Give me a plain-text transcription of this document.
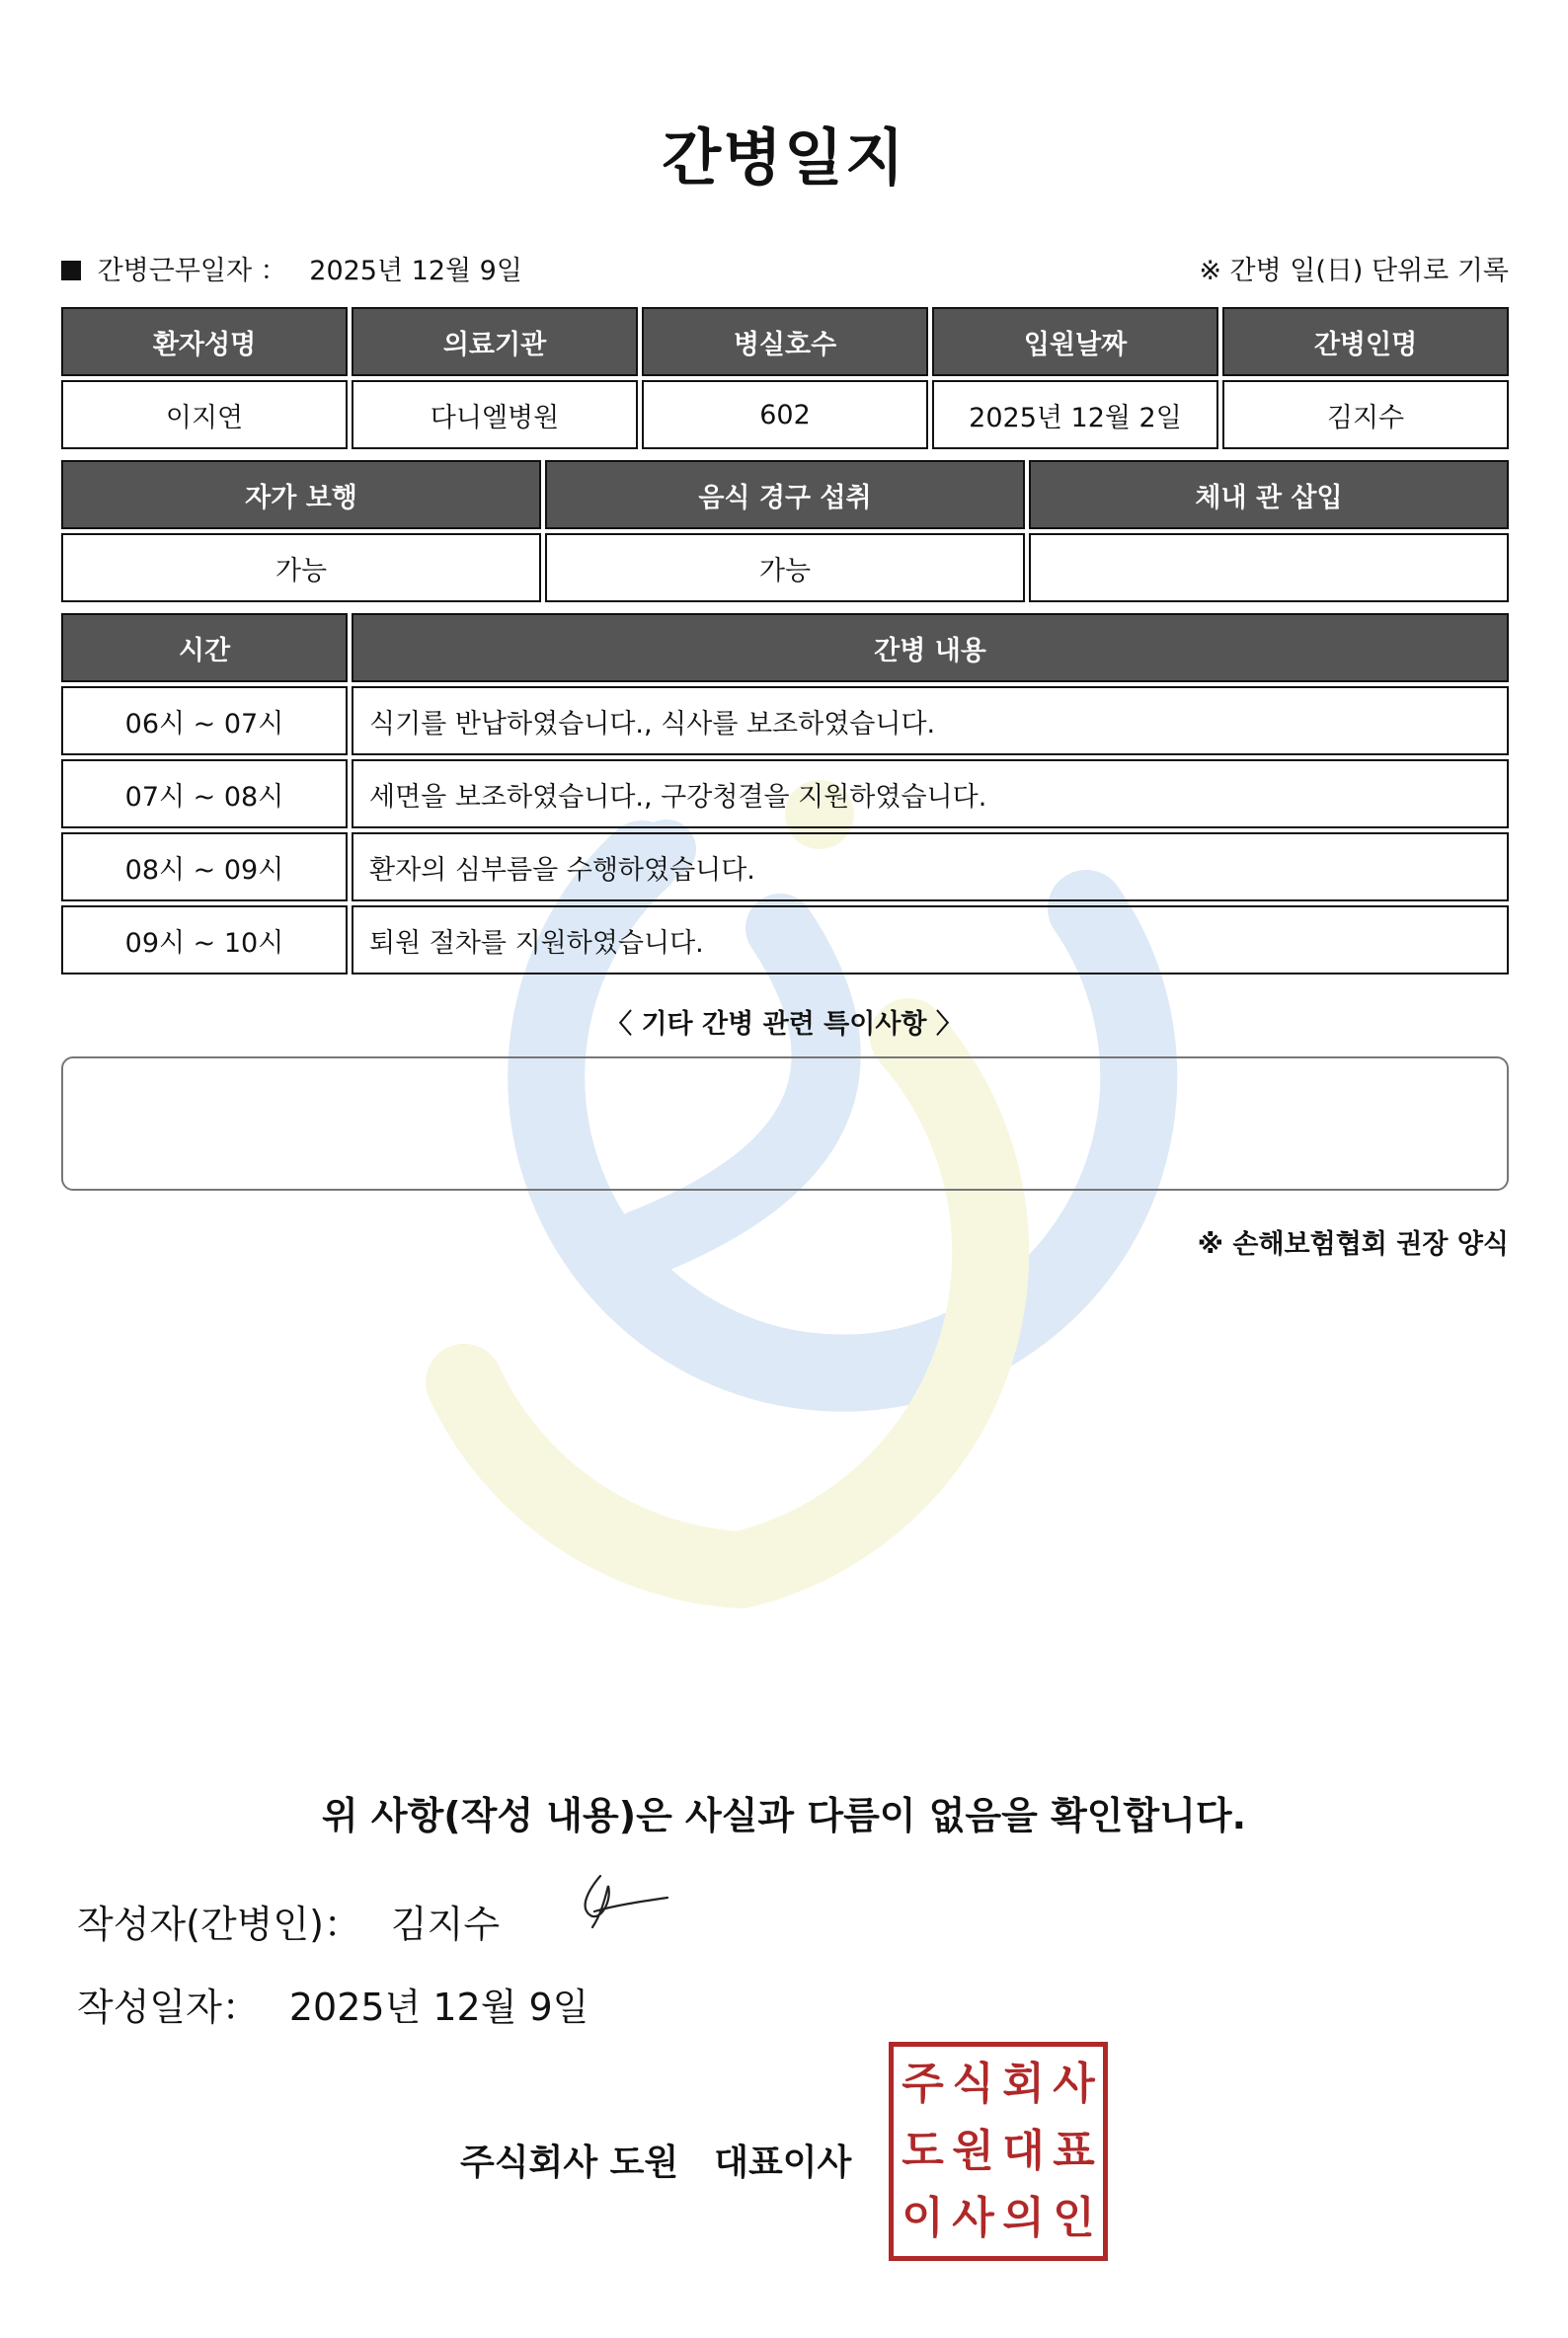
간병일지
간병근무일자 ： 2025년 12월 9일	※ 간병 일(日) 단위로 기록
환자성명	의료기관	병실호수	입원날짜	간병인명
이지연	다니엘병원	602	2025년 12월 2일	김지수
자가 보행	음식 경구 섭취	체내 관 삽입
가능	가능
시간	간병 내용
06시 ~ 07시	식기를 반납하였습니다., 식사를 보조하였습니다.
07시 ~ 08시	세면을 보조하였습니다., 구강청결을 지원하였습니다.
08시 ~ 09시	환자의 심부름을 수행하였습니다.
09시 ~ 10시	퇴원 절차를 지원하였습니다.
〈 기타 간병 관련 특이사항 〉
※ 손해보험협회 권장 양식
위 사항(작성 내용)은 사실과 다름이 없음을 확인합니다.
작성자(간병인)： 김지수
작성일자： 2025년 12월 9일
주식회사 도원 대표이사
주 식 회 사
도 원 대 표
이 사 의 인
